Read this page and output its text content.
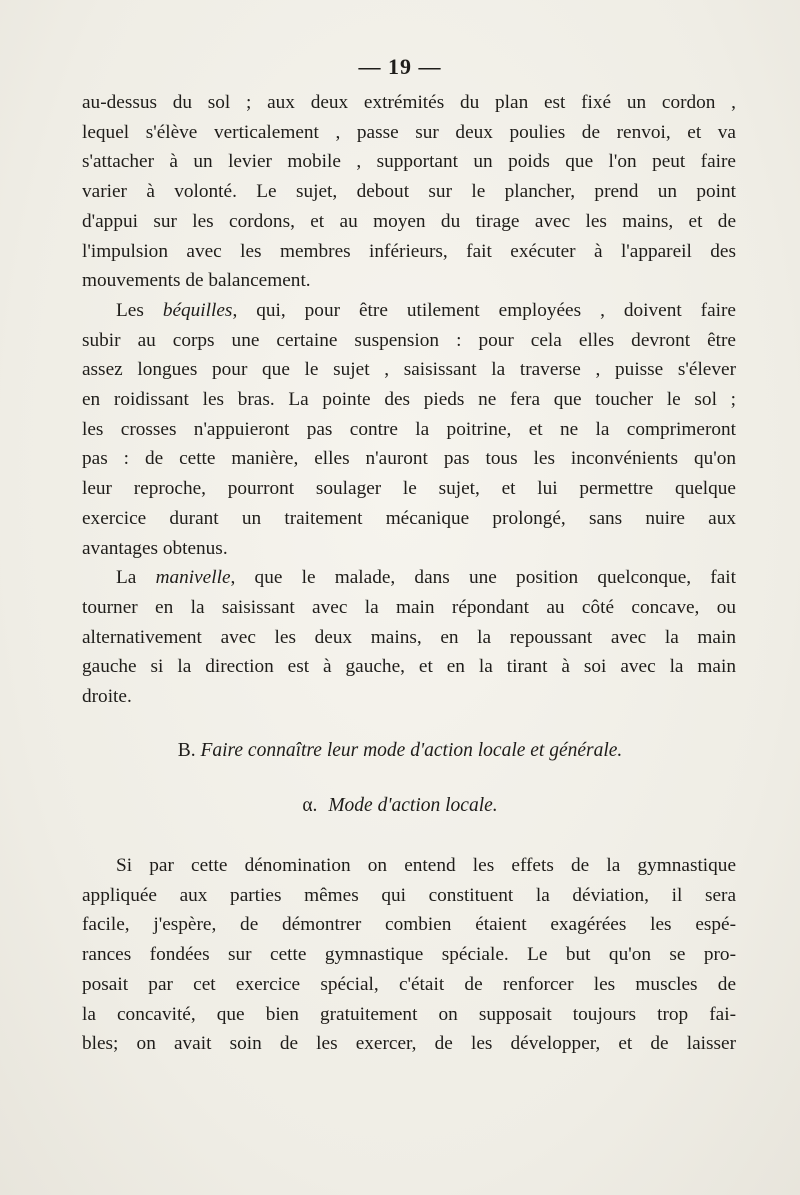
— 19 —
au-dessus du sol ; aux deux extrémités du plan est fixé un cordon ,
lequel s'élève verticalement , passe sur deux poulies de renvoi, et va
s'attacher à un levier mobile , supportant un poids que l'on peut faire
varier à volonté. Le sujet, debout sur le plancher, prend un point
d'appui sur les cordons, et au moyen du tirage avec les mains, et de
l'impulsion avec les membres inférieurs, fait exécuter à l'appareil des
mouvements de balancement.
Les béquilles, qui, pour être utilement employées , doivent faire
subir au corps une certaine suspension : pour cela elles devront être
assez longues pour que le sujet , saisissant la traverse , puisse s'élever
en roidissant les bras. La pointe des pieds ne fera que toucher le sol ;
les crosses n'appuieront pas contre la poitrine, et ne la comprimeront
pas : de cette manière, elles n'auront pas tous les inconvénients qu'on
leur reproche, pourront soulager le sujet, et lui permettre quelque
exercice durant un traitement mécanique prolongé, sans nuire aux
avantages obtenus.
La manivelle, que le malade, dans une position quelconque, fait
tourner en la saisissant avec la main répondant au côté concave, ou
alternativement avec les deux mains, en la repoussant avec la main
gauche si la direction est à gauche, et en la tirant à soi avec la main
droite.
B. Faire connaître leur mode d'action locale et générale.
α. Mode d'action locale.
Si par cette dénomination on entend les effets de la gymnastique
appliquée aux parties mêmes qui constituent la déviation, il sera
facile, j'espère, de démontrer combien étaient exagérées les espé-
rances fondées sur cette gymnastique spéciale. Le but qu'on se pro-
posait par cet exercice spécial, c'était de renforcer les muscles de
la concavité, que bien gratuitement on supposait toujours trop fai-
bles; on avait soin de les exercer, de les développer, et de laisser
